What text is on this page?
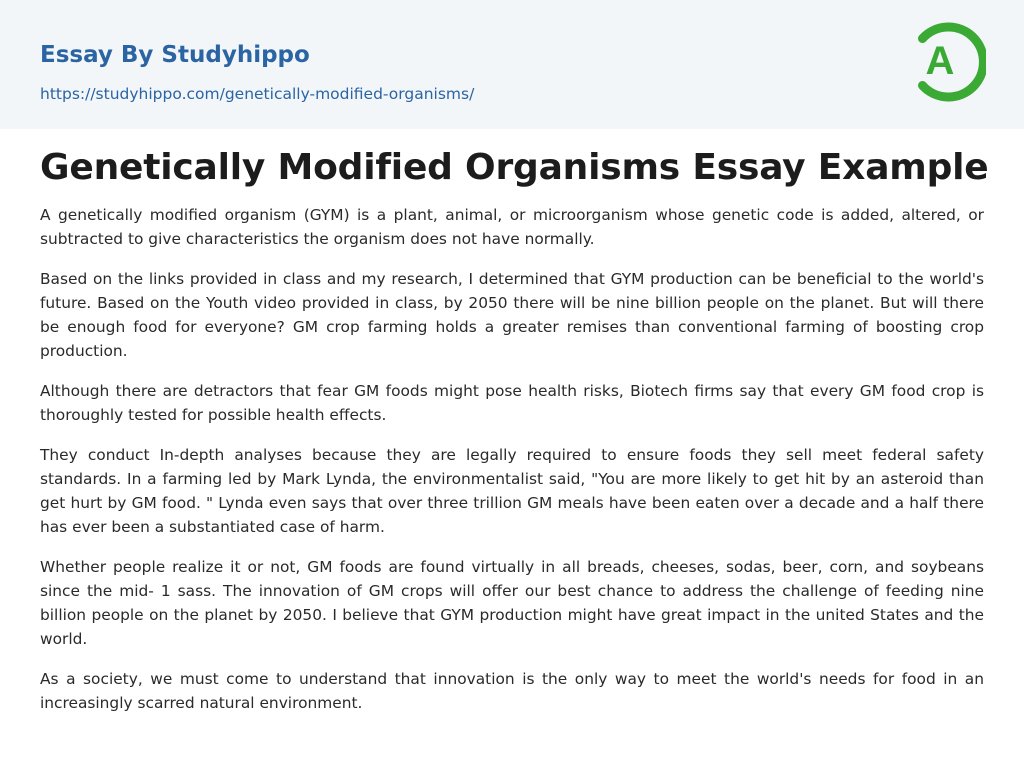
Essay By Studyhippo
https://studyhippo.com/genetically-modified-organisms/
A
Genetically Modified Organisms Essay Example

A genetically modified organism (GYM) is a plant, animal, or microorganism whose genetic code is added, altered, or subtracted to give characteristics the organism does not have normally.

Based on the links provided in class and my research, I determined that GYM production can be beneficial to the world's future. Based on the Youth video provided in class, by 2050 there will be nine billion people on the planet. But will there be enough food for everyone? GM crop farming holds a greater remises than conventional farming of boosting crop production.

Although there are detractors that fear GM foods might pose health risks, Biotech firms say that every GM food crop is thoroughly tested for possible health effects.

They conduct In-depth analyses because they are legally required to ensure foods they sell meet federal safety standards. In a farming led by Mark Lynda, the environmentalist said, "You are more likely to get hit by an asteroid than get hurt by GM food. " Lynda even says that over three trillion GM meals have been eaten over a decade and a half there has ever been a substantiated case of harm.

Whether people realize it or not, GM foods are found virtually in all breads, cheeses, sodas, beer, corn, and soybeans since the mid- 1 sass. The innovation of GM crops will offer our best chance to address the challenge of feeding nine billion people on the planet by 2050. I believe that GYM production might have great impact in the united States and the world.

As a society, we must come to understand that innovation is the only way to meet the world's needs for food in an increasingly scarred natural environment.
